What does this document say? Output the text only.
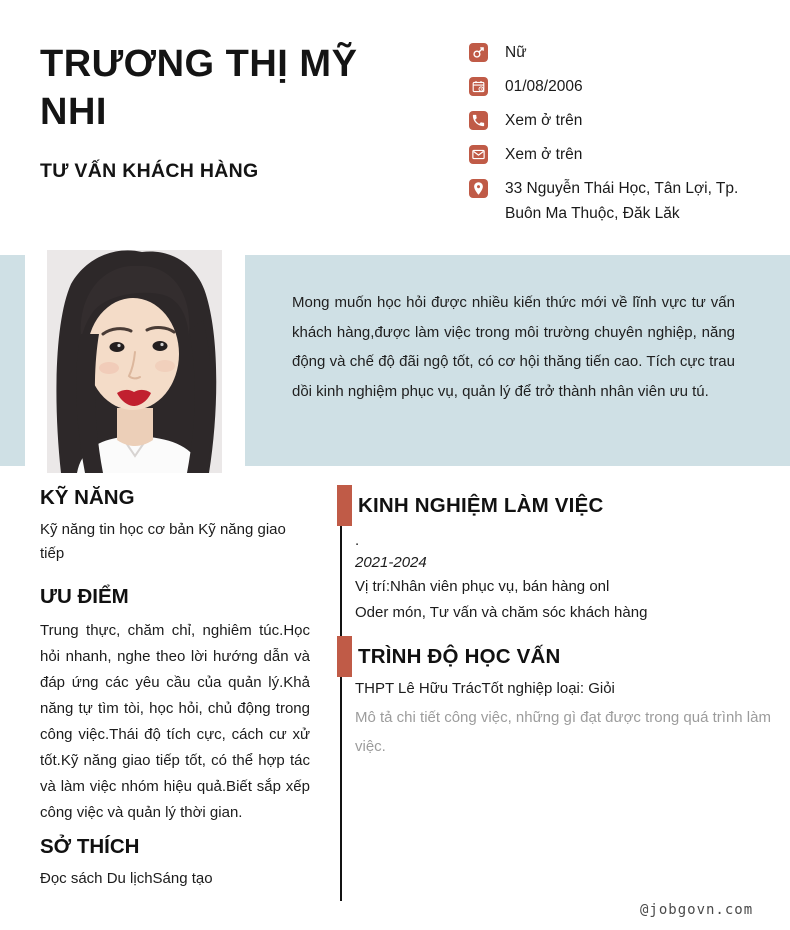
TRƯƠNG THỊ MỸ NHI
TƯ VẤN KHÁCH HÀNG
Nữ
01/08/2006
Xem ở trên
Xem ở trên
33 Nguyễn Thái Học, Tân Lợi, Tp. Buôn Ma Thuộc, Đăk Lăk
Mong muốn học hỏi được nhiều kiến thức mới về lĩnh vực tư vấn khách hàng,được làm việc trong môi trường chuyên nghiệp, năng động và chế độ đãi ngộ tốt, có cơ hội thăng tiến cao. Tích cực trau dồi kinh nghiệm phục vụ, quản lý để trở thành nhân viên ưu tú.
KỸ NĂNG
Kỹ năng tin học cơ bản Kỹ năng giao tiếp
ƯU ĐIỂM
Trung thực, chăm chỉ, nghiêm túc.Học hỏi nhanh, nghe theo lời hướng dẫn và đáp ứng các yêu cầu của quản lý.Khả năng tự tìm tòi, học hỏi, chủ động trong công việc.Thái độ tích cực, cách cư xử tốt.Kỹ năng giao tiếp tốt, có thể hợp tác và làm việc nhóm hiệu quả.Biết sắp xếp công việc và quản lý thời gian.
SỞ THÍCH
Đọc sách Du lịchSáng tạo
KINH NGHIỆM LÀM VIỆC
.
2021-2024
Vị trí:Nhân viên phục vụ, bán hàng onl
Oder món, Tư vấn và chăm sóc khách hàng
TRÌNH ĐỘ HỌC VẤN
THPT Lê Hữu TrácTốt nghiệp loại: Giỏi
Mô tả chi tiết công việc, những gì đạt được trong quá trình làm việc.
@jobgovn.com
